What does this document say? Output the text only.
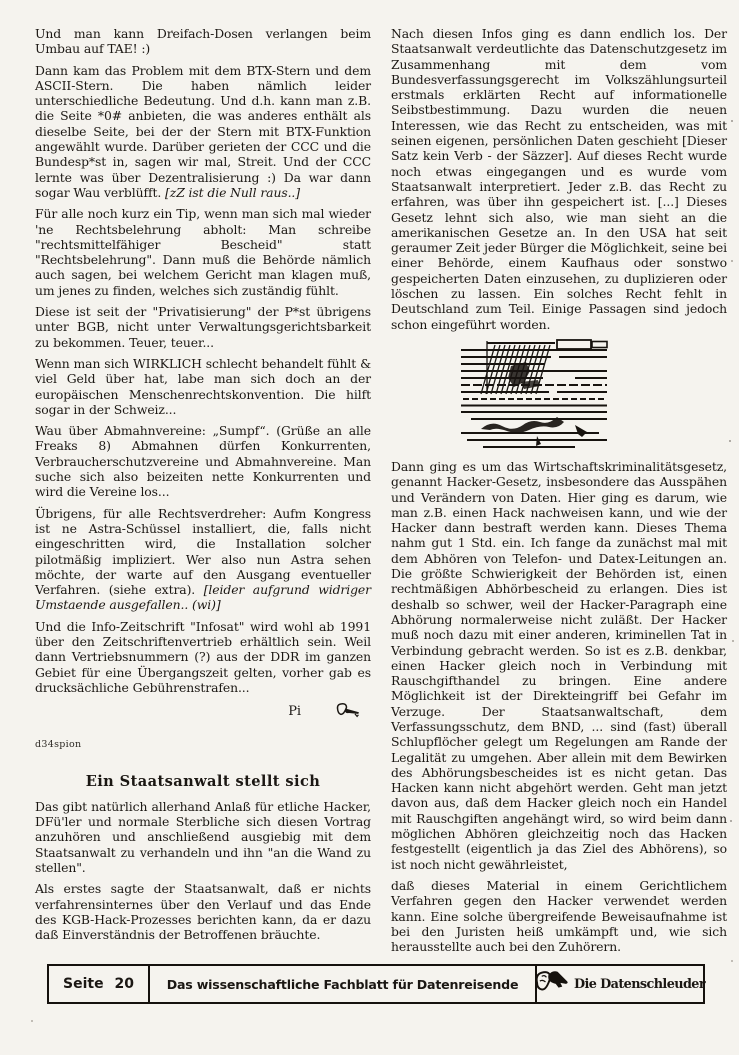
Und man kann Dreifach-Dosen verlangen beim Umbau auf TAE! :)

Dann kam das Problem mit dem BTX-Stern und dem ASCII-Stern. Die haben nämlich leider unterschiedliche Bedeutung. Und d.h. kann man z.B. die Seite *0# anbieten, die was anderes enthält als dieselbe Seite, bei der der Stern mit BTX-Funktion angewählt wurde. Darüber gerieten der CCC und die Bundesp*st in, sagen wir mal, Streit. Und der CCC lernte was über Dezentralisierung :) Da war dann sogar Wau verblüfft. [zZ ist die Null raus..]

Für alle noch kurz ein Tip, wenn man sich mal wieder 'ne Rechtsbelehrung abholt: Man schreibe "rechtsmittelfähiger Bescheid" statt "Rechtsbelehrung". Dann muß die Behörde nämlich auch sagen, bei welchem Gericht man klagen muß, um jenes zu finden, welches sich zuständig fühlt.

Diese ist seit der "Privatisierung" der P*st übrigens unter BGB, nicht unter Verwaltungsgerichtsbarkeit zu bekommen. Teuer, teuer...

Wenn man sich WIRKLICH schlecht behandelt fühlt & viel Geld über hat, labe man sich doch an der europäischen Menschenrechtskonvention. Die hilft sogar in der Schweiz...

Wau über Abmahnvereine: „Sumpf“. (Grüße an alle Freaks 8) Abmahnen dürfen Konkurrenten, Verbraucherschutzvereine und Abmahnvereine. Man suche sich also beizeiten nette Konkurrenten und wird die Vereine los...

Übrigens, für alle Rechtsverdreher: Aufm Kongress ist ne Astra-Schüssel installiert, die, falls nicht eingeschritten wird, die Installation solcher pilotmäßig impliziert. Wer also nun Astra sehen möchte, der warte auf den Ausgang eventueller Verfahren. (siehe extra). [leider aufgrund widriger Umstaende ausgefallen.. (wi)]

Und die Info-Zeitschrift "Infosat" wird wohl ab 1991 über den Zeitschriftenvertrieb erhältlich sein. Weil dann Vertriebsnummern (?) aus der DDR im ganzen Gebiet für eine Übergangszeit gelten, vorher gab es drucksächliche Gebührenstrafen...

Pi
d34spion
Ein Staatsanwalt stellt sich

Das gibt natürlich allerhand Anlaß für etliche Hacker, DFü'ler und normale Sterbliche sich diesen Vortrag anzuhören und anschließend ausgiebig mit dem Staatsanwalt zu verhandeln und ihn "an die Wand zu stellen".

Als erstes sagte der Staatsanwalt, daß er nichts verfahrensinternes über den Verlauf und das Ende des KGB-Hack-Prozesses berichten kann, da er dazu daß Einverständnis der Betroffenen bräuchte.

Nach diesen Infos ging es dann endlich los. Der Staatsanwalt verdeutlichte das Datenschutzgesetz im Zusammenhang mit dem vom Bundesverfassungsgerecht im Volkszählungsurteil erstmals erklärten Recht auf informationelle Seibstbestimmung. Dazu wurden die neuen Interessen, wie das Recht zu entscheiden, was mit seinen eigenen, persönlichen Daten geschieht [Dieser Satz kein Verb - der Säzzer]. Auf dieses Recht wurde noch etwas eingegangen und es wurde vom Staatsanwalt interpretiert. Jeder z.B. das Recht zu erfahren, was über ihn gespeichert ist. [...] Dieses Gesetz lehnt sich also, wie man sieht an die amerikanischen Gesetze an. In den USA hat seit geraumer Zeit jeder Bürger die Möglichkeit, seine bei einer Behörde, einem Kaufhaus oder sonstwo gespeicherten Daten einzusehen, zu duplizieren oder löschen zu lassen. Ein solches Recht fehlt in Deutschland zum Teil. Einige Passagen sind jedoch schon eingeführt worden.

Dann ging es um das Wirtschaftskriminalitätsgesetz, genannt Hacker-Gesetz, insbesondere das Ausspähen und Verändern von Daten. Hier ging es darum, wie man z.B. einen Hack nachweisen kann, und wie der Hacker dann bestraft werden kann. Dieses Thema nahm gut 1 Std. ein. Ich fange da zunächst mal mit dem Abhören von Telefon- und Datex-Leitungen an. Die größte Schwierigkeit der Behörden ist, einen rechtmäßigen Abhörbescheid zu erlangen. Dies ist deshalb so schwer, weil der Hacker-Paragraph eine Abhörung normalerweise nicht zuläßt. Der Hacker muß noch dazu mit einer anderen, kriminellen Tat in Verbindung gebracht werden. So ist es z.B. denkbar, einen Hacker gleich noch in Verbindung mit Rauschgifthandel zu bringen. Eine andere Möglichkeit ist der Direkteingriff bei Gefahr im Verzuge. Der Staatsanwaltschaft, dem Verfassungsschutz, dem BND, ... sind (fast) überall Schlupflöcher gelegt um Regelungen am Rande der Legalität zu umgehen. Aber allein mit dem Bewirken des Abhörungsbescheides ist es nicht getan. Das Hacken kann nicht abgehört werden. Geht man jetzt davon aus, daß dem Hacker gleich noch ein Handel mit Rauschgiften angehängt wird, so wird beim dann möglichen Abhören gleichzeitig noch das Hacken festgestellt (eigentlich ja das Ziel des Abhörens), so ist noch nicht gewährleistet,

daß dieses Material in einem Gerichtlichem Verfahren gegen den Hacker verwendet werden kann. Eine solche übergreifende Beweisaufnahme ist bei den Juristen heiß umkämpft und, wie sich herausstellte auch bei den Zuhörern.

Seite 20	Das wissenschaftliche Fachblatt für Datenreisende	Die Datenschleuder
